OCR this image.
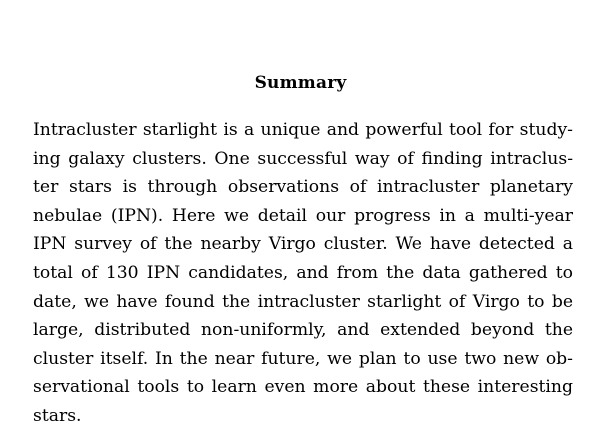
Summary
Intracluster starlight is a unique and powerful tool for study-
ing galaxy clusters. One successful way of finding intraclus-
ter stars is through observations of intracluster planetary
nebulae (IPN). Here we detail our progress in a multi-year
IPN survey of the nearby Virgo cluster. We have detected a
total of 130 IPN candidates, and from the data gathered to
date, we have found the intracluster starlight of Virgo to be
large, distributed non-uniformly, and extended beyond the
cluster itself. In the near future, we plan to use two new ob-
servational tools to learn even more about these interesting
stars.
